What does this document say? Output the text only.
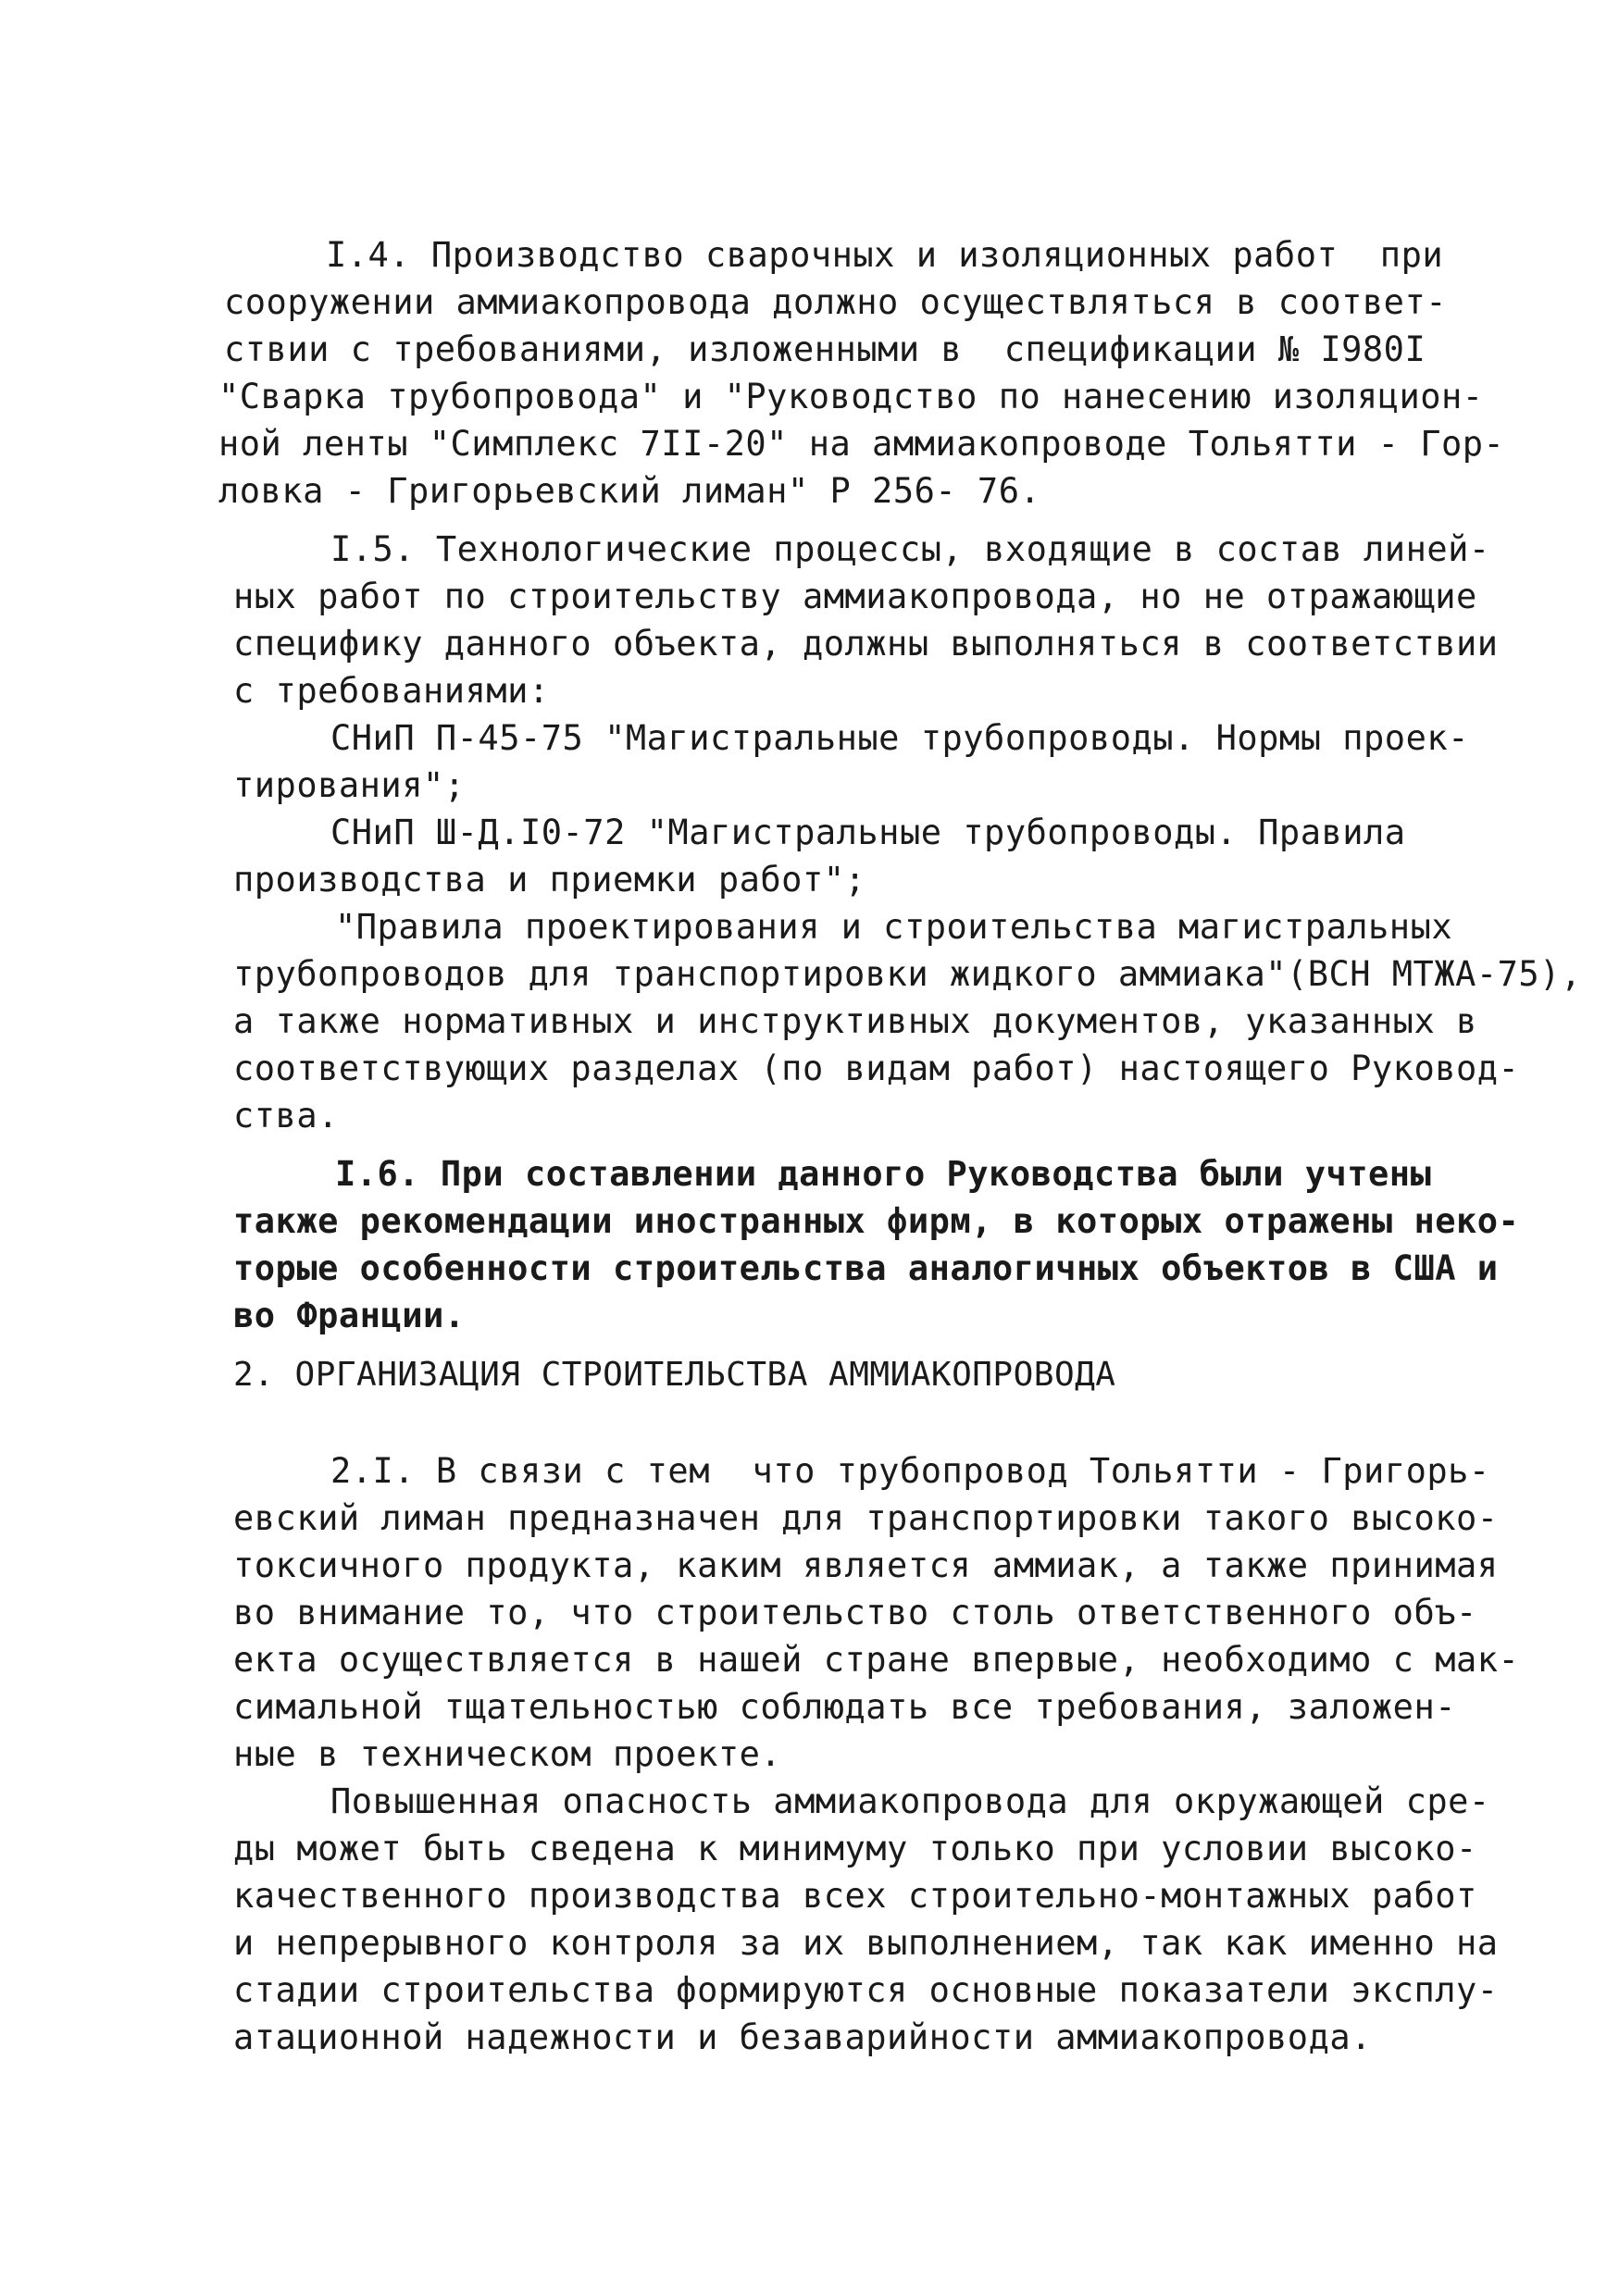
I.4. Производство сварочных и изоляционных работ  при
сооружении аммиакопровода должно осуществляться в соответ-
ствии с требованиями, изложенными в  спецификации № I980I
"Сварка трубопровода" и "Руководство по нанесению изоляцион-
ной ленты "Симплекс 7II-20" на аммиакопроводе Тольятти - Гор-
ловка - Григорьевский лиман" Р 256- 76.
I.5. Технологические процессы, входящие в состав линей-
ных работ по строительству аммиакопровода, но не отражающие
специфику данного объекта, должны выполняться в соответствии
с требованиями:
СНиП П-45-75 "Магистральные трубопроводы. Нормы проек-
тирования";
СНиП Ш-Д.I0-72 "Магистральные трубопроводы. Правила
производства и приемки работ";
"Правила проектирования и строительства магистральных
трубопроводов для транспортировки жидкого аммиака"(ВСН МТЖА-75),
а также нормативных и инструктивных документов, указанных в
соответствующих разделах (по видам работ) настоящего Руковод-
ства.
I.6. При составлении данного Руководства были учтены
также рекомендации иностранных фирм, в которых отражены неко-
торые особенности строительства аналогичных объектов в США и
во Франции.
2. ОРГАНИЗАЦИЯ СТРОИТЕЛЬСТВА АММИАКОПРОВОДА
2.I. В связи с тем  что трубопровод Тольятти - Григорь-
евский лиман предназначен для транспортировки такого высоко-
токсичного продукта, каким является аммиак, а также принимая
во внимание то, что строительство столь ответственного объ-
екта осуществляется в нашей стране впервые, необходимо с мак-
симальной тщательностью соблюдать все требования, заложен-
ные в техническом проекте.
Повышенная опасность аммиакопровода для окружающей сре-
ды может быть сведена к минимуму только при условии высоко-
качественного производства всех строительно-монтажных работ
и непрерывного контроля за их выполнением, так как именно на
стадии строительства формируются основные показатели эксплу-
атационной надежности и безаварийности аммиакопровода.
